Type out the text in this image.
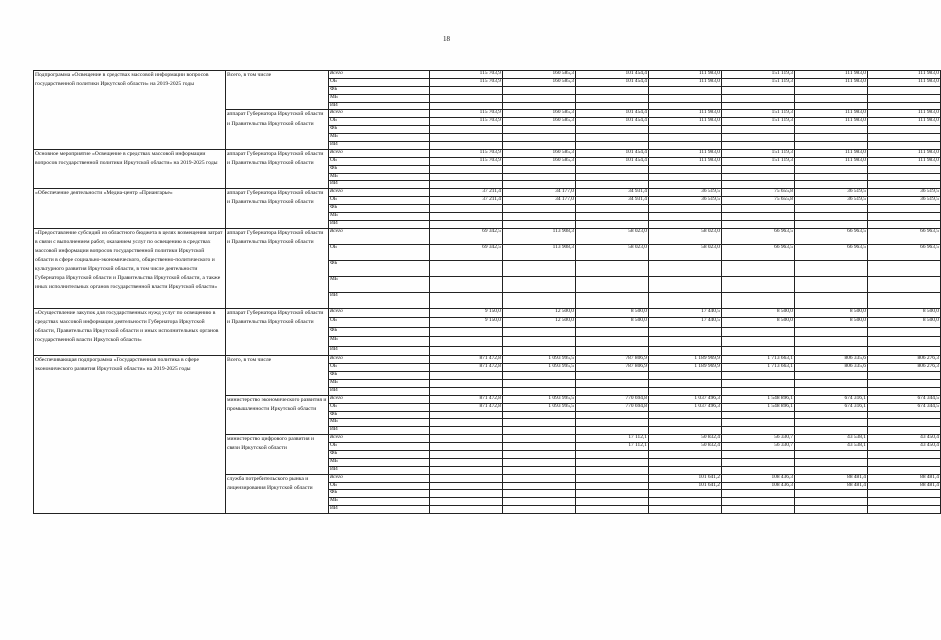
18
Подпрограмма «Освещение в средствах массовой информации вопросов государственной политики Иркутской области» на 2019-2025 годы	Всего, в том числе	Всего	115 703,9	160 585,3	101 454,4	111 983,0	151 119,3	111 983,0	111 983,0
		ОБ	115 703,9	160 585,3	101 454,4	111 983,0	151 119,3	111 983,0	111 983,0
		ФБ							
		МБ							
		ИИ							
	аппарат Губернатора Иркутской области и Правительства Иркутской области	Всего	115 703,9	160 585,3	101 454,4	111 983,0	151 119,3	111 983,0	111 983,0
		ОБ	115 703,9	160 585,3	101 454,4	111 983,0	151 119,3	111 983,0	111 983,0
		ФБ							
		МБ							
		ИИ							
Основное мероприятие «Освещение в средствах массовой информации вопросов государственной политики Иркутской области» на 2019-2025 годы	аппарат Губернатора Иркутской области и Правительства Иркутской области	Всего	115 703,9	160 585,3	101 454,4	111 983,0	151 119,3	111 983,0	111 983,0
		ОБ	115 703,9	160 585,3	101 454,4	111 983,0	151 119,3	111 983,0	111 983,0
		ФБ							
		МБ							
		ИИ							
«Обеспечение деятельности «Медиа-центр «Приангарье»	аппарат Губернатора Иркутской области и Правительства Иркутской области	Всего	37 211,4	34 177,0	34 931,4	36 519,5	75 655,8	36 519,5	36 519,5
		ОБ	37 211,4	34 177,0	34 931,4	36 519,5	75 655,8	36 519,5	36 519,5
		ФБ							
		МБ							
		ИИ							
«Предоставление субсидий из областного бюджета в целях возмещения затрат в связи с выполнением работ, оказанием услуг по освещению в средствах массовой информации вопросов государственной политики Иркутской области в сфере социально-экономического, общественно-политического и культурного развития Иркутской области, в том числе деятельности Губернатора Иркутской области и Правительства Иркутской области, а также иных исполнительных органов государственной власти Иркутской области»	аппарат Губернатора Иркутской области и Правительства Иркутской области	Всего	69 342,5	113 908,3	58 023,0	58 023,0	66 963,5	66 963,5	66 963,5
		ОБ	69 342,5	113 908,3	58 023,0	58 023,0	66 963,5	66 963,5	66 963,5
		ФБ							
		МБ							
		ИИ							
«Осуществление закупок для государственных нужд услуг по освещению в средствах массовой информации деятельности Губернатора Иркутской области, Правительства Иркутской области и иных исполнительных органов государственной власти Иркутской области»	аппарат Губернатора Иркутской области и Правительства Иркутской области	Всего	9 150,0	12 500,0	8 500,0	17 440,5	8 500,0	8 500,0	8 500,0
		ОБ	9 150,0	12 500,0	8 500,0	17 440,5	8 500,0	8 500,0	8 500,0
		ФБ							
		МБ							
		ИИ							
Обеспечивающая подпрограмма «Государственная политика в сфере экономического развития Иркутской области» на 2019-2025 годы	Всего, в том числе	Всего	871 472,8	1 093 995,5	787 806,9	1 189 969,9	1 713 663,1	806 335,6	806 276,3
		ОБ	871 472,8	1 093 995,5	787 806,9	1 189 969,9	1 713 663,1	806 335,6	806 276,3
		ФБ							
		МБ							
		ИИ							
	министерство экономического развития и промышленности Иркутской области	Всего	871 472,8	1 093 995,5	770 694,8	1 037 496,3	1 548 896,1	674 316,1	674 344,5
		ОБ	871 472,8	1 093 995,5	770 694,8	1 037 496,3	1 548 896,1	674 316,1	674 344,5
		ФБ							
		МБ							
		ИИ							
	министерство цифрового развития и связи Иркутской области	Всего			17 112,1	50 832,4	56 330,7	43 538,1	43 450,4
		ОБ			17 112,1	50 832,4	56 330,7	43 538,1	43 450,4
		ФБ							
		МБ							
		ИИ							
	служба потребительского рынка и лицензирования Иркутской области	Всего				101 641,2	108 436,3	88 481,4	88 481,4
		ОБ				101 641,2	108 436,3	88 481,4	88 481,4
		ФБ							
		МБ							
		ИИ							
